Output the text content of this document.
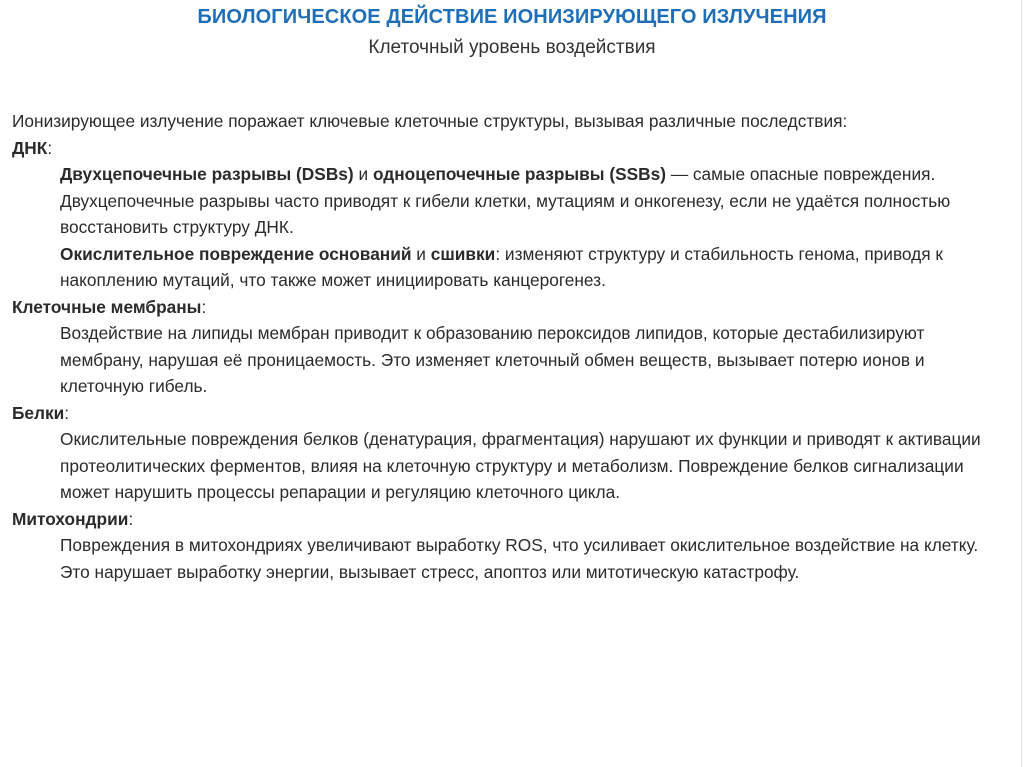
БИОЛОГИЧЕСКОЕ ДЕЙСТВИЕ ИОНИЗИРУЮЩЕГО ИЗЛУЧЕНИЯ
Клеточный уровень воздействия

Ионизирующее излучение поражает ключевые клеточные структуры, вызывая различные последствия:

ДНК:

Двухцепочечные разрывы (DSBs) и одноцепочечные разрывы (SSBs) — самые опасные повреждения. Двухцепочечные разрывы часто приводят к гибели клетки, мутациям и онкогенезу, если не удаётся полностью восстановить структуру ДНК.

Окислительное повреждение оснований и сшивки: изменяют структуру и стабильность генома, приводя к накоплению мутаций, что также может инициировать канцерогенез.

Клеточные мембраны:

Воздействие на липиды мембран приводит к образованию пероксидов липидов, которые дестабилизируют мембрану, нарушая её проницаемость. Это изменяет клеточный обмен веществ, вызывает потерю ионов и клеточную гибель.

Белки:

Окислительные повреждения белков (денатурация, фрагментация) нарушают их функции и приводят к активации протеолитических ферментов, влияя на клеточную структуру и метаболизм. Повреждение белков сигнализации может нарушить процессы репарации и регуляцию клеточного цикла.

Митохондрии:

Повреждения в митохондриях увеличивают выработку ROS, что усиливает окислительное воздействие на клетку. Это нарушает выработку энергии, вызывает стресс, апоптоз или митотическую катастрофу.
